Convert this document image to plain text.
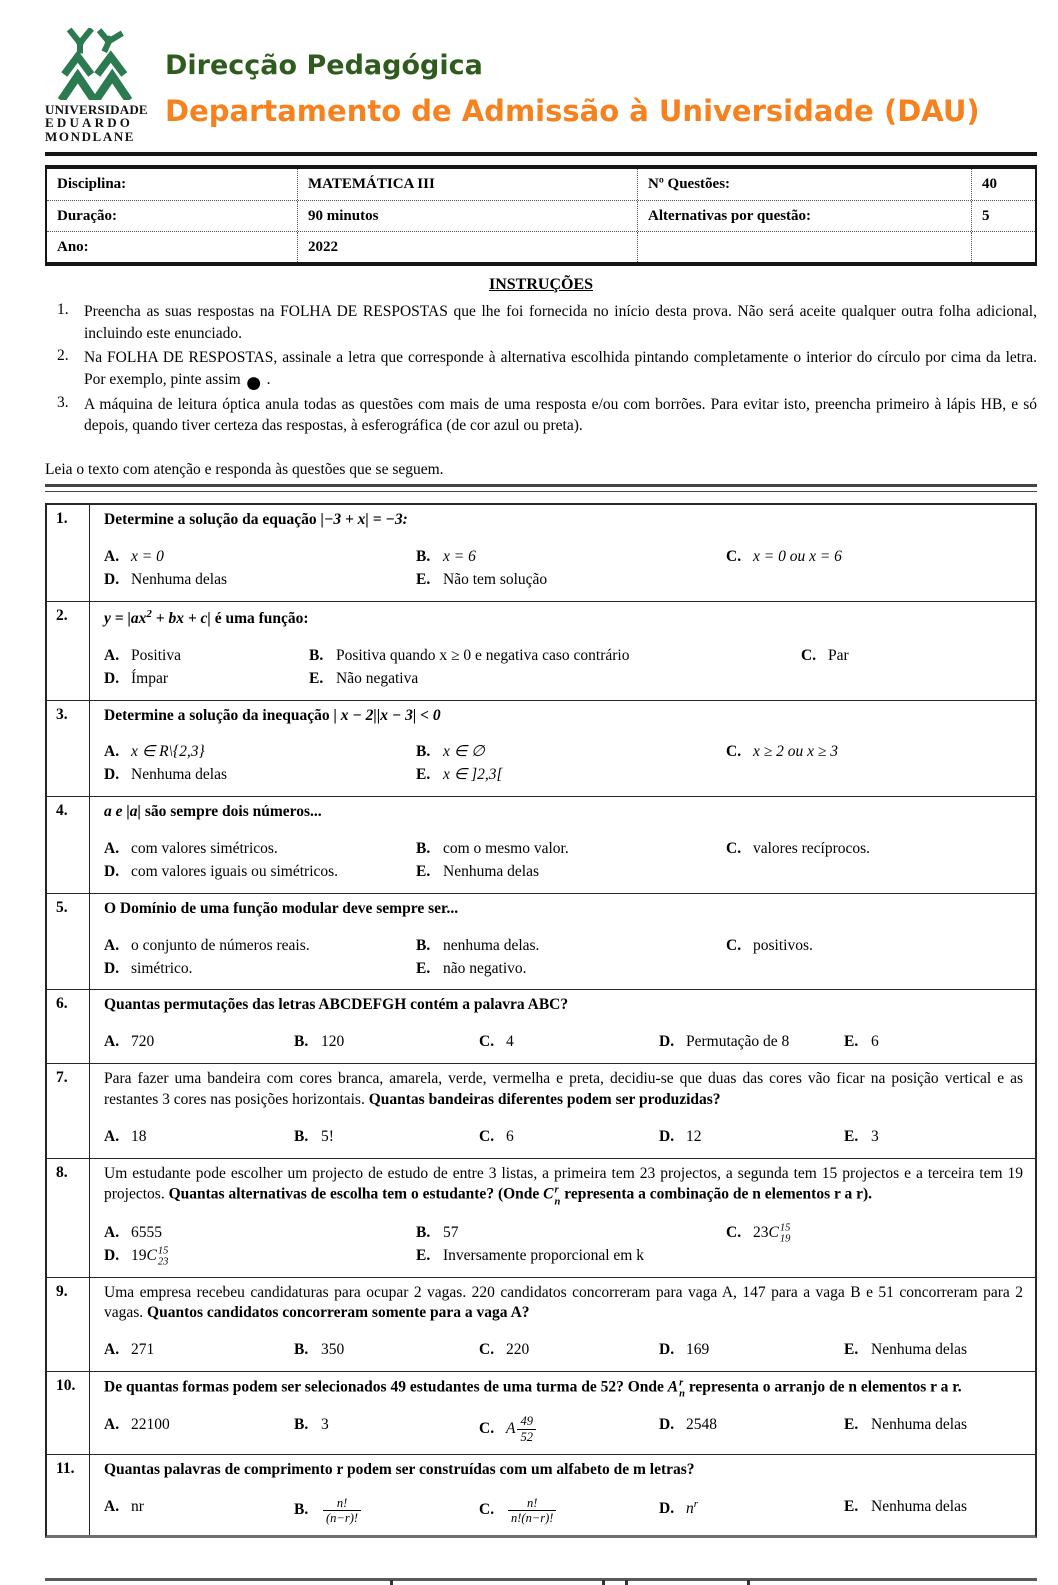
UNIVERSIDADE
EDUARDO
MONDLANE
Direcção Pedagógica
Departamento de Admissão à Universidade (DAU)
Disciplina:	MATEMÁTICA III	Nº Questões:	40
Duração:	90 minutos	Alternativas por questão:	5
Ano:	2022
INSTRUÇÕES
1. Preencha as suas respostas na FOLHA DE RESPOSTAS que lhe foi fornecida no início desta prova. Não será aceite qualquer outra folha adicional, incluindo este enunciado.
2. Na FOLHA DE RESPOSTAS, assinale a letra que corresponde à alternativa escolhida pintando completamente o interior do círculo por cima da letra. Por exemplo, pinte assim ● .
3. A máquina de leitura óptica anula todas as questões com mais de uma resposta e/ou com borrões. Para evitar isto, preencha primeiro à lápis HB, e só depois, quando tiver certeza das respostas, à esferográfica (de cor azul ou preta).
Leia o texto com atenção e responda às questões que se seguem.
1.	Determine a solução da equação |−3 + x| = −3:
A. x = 0	B. x = 6	C. x = 0 ou x = 6
D. Nenhuma delas	E. Não tem solução
2.	$y = |ax^2$ + bx + c| é uma função:
A. Positiva	B. Positiva quando x ≥ 0 e negativa caso contrário	C. Par
D. Ímpar	E. Não negativa
3.	Determine a solução da inequação | x − 2||x − 3| < 0
A. x ∈ R\{2,3}	B. x ∈ ∅	C. x ≥ 2 ou x ≥ 3
D. Nenhuma delas	E. x ∈ ]2,3[
4.	a e |a| são sempre dois números...
A. com valores simétricos.	B. com o mesmo valor.	C. valores recíprocos.
D. com valores iguais ou simétricos.	E. Nenhuma delas
5.	O Domínio de uma função modular deve sempre ser...
A. o conjunto de números reais.	B. nenhuma delas.	C. positivos.
D. simétrico.	E. não negativo.
6.	Quantas permutações das letras ABCDEFGH contém a palavra ABC?
A. 720	B. 120	C. 4	D. Permutação de 8	E. 6
7.	Para fazer uma bandeira com cores branca, amarela, verde, vermelha e preta, decidiu-se que duas das cores vão ficar na posição vertical e as restantes 3 cores nas posições horizontais. Quantas bandeiras diferentes podem ser produzidas?
A. 18	B. 5!	C. 6	D. 12	E. 3
8.	Um estudante pode escolher um projecto de estudo de entre 3 listas, a primeira tem 23 projectos, a segunda tem 15 projectos e a terceira tem 19 projectos. Quantas alternativas de escolha tem o estudante? (Onde C r
n representa a combinação de n elementos r a r).
A. 6555	B. 57	C. 23C 15
19
D. 19C 15
23	E. Inversamente proporcional em k
9.	Uma empresa recebeu candidaturas para ocupar 2 vagas. 220 candidatos concorreram para vaga A, 147 para a vaga B e 51 concorreram para 2 vagas. Quantos candidatos concorreram somente para a vaga A?
A. 271	B. 350	C. 220	D. 169	E. Nenhuma delas
10.	De quantas formas podem ser selecionados 49 estudantes de uma turma de 52? Onde A r
n representa o arranjo de n elementos r a r.
A. 22100	B. 3	C. A $\frac{49}{52}$	D. 2548	E. Nenhuma delas
11.	Quantas palavras de comprimento r podem ser construídas com um alfabeto de m letras?
A. nr	B.	$\frac{n!}{(n-r)!}$	C.	$\frac{n!}{n!(n-r)!}$	D. $n^r$	E. Nenhuma delas
